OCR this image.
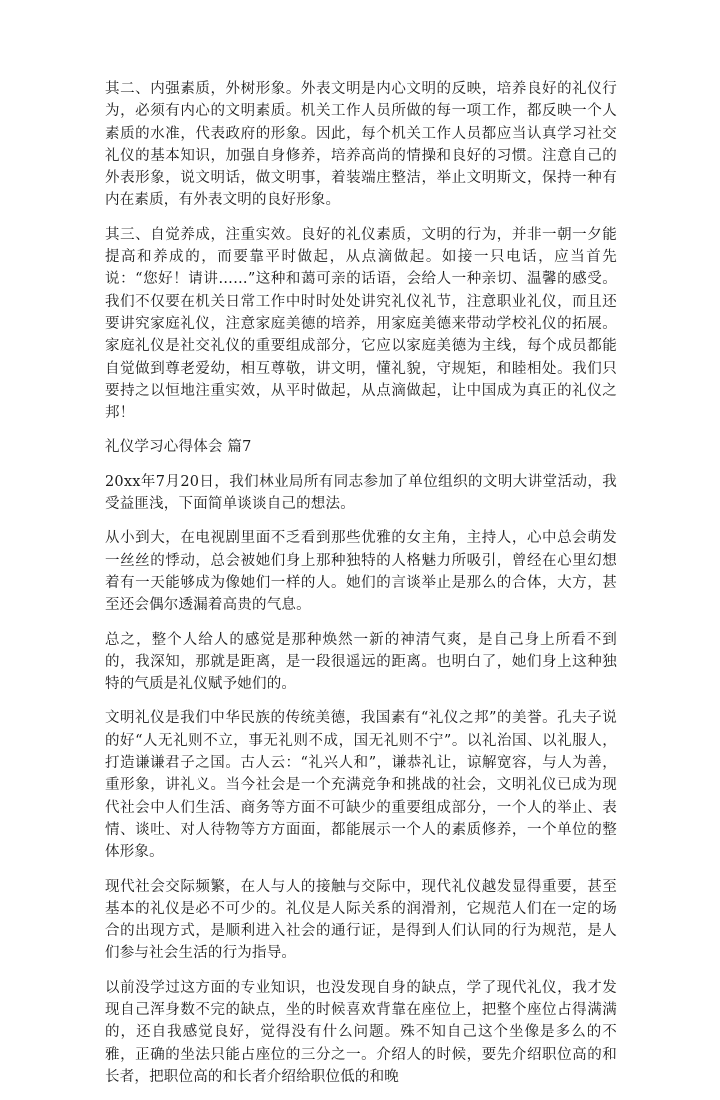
其二、内强素质，外树形象。外表文明是内心文明的反映，培养良好的礼仪行为，必须有内心的文明素质。机关工作人员所做的每一项工作，都反映一个人素质的水准，代表政府的形象。因此，每个机关工作人员都应当认真学习社交礼仪的基本知识，加强自身修养，培养高尚的情操和良好的习惯。注意自己的外表形象，说文明话，做文明事，着装端庄整洁，举止文明斯文，保持一种有内在素质，有外表文明的良好形象。

其三、自觉养成，注重实效。良好的礼仪素质，文明的行为，并非一朝一夕能提高和养成的，而要靠平时做起，从点滴做起。如接一只电话，应当首先说：“您好！请讲……”这种和蔼可亲的话语，会给人一种亲切、温馨的感受。我们不仅要在机关日常工作中时时处处讲究礼仪礼节，注意职业礼仪，而且还要讲究家庭礼仪，注意家庭美德的培养，用家庭美德来带动学校礼仪的拓展。家庭礼仪是社交礼仪的重要组成部分，它应以家庭美德为主线，每个成员都能自觉做到尊老爱幼，相互尊敬，讲文明，懂礼貌，守规矩，和睦相处。我们只要持之以恒地注重实效，从平时做起，从点滴做起，让中国成为真正的礼仪之邦！

礼仪学习心得体会 篇7

20xx年7月20日，我们林业局所有同志参加了单位组织的文明大讲堂活动，我受益匪浅，下面简单谈谈自己的想法。

从小到大，在电视剧里面不乏看到那些优雅的女主角，主持人，心中总会萌发一丝丝的悸动，总会被她们身上那种独特的人格魅力所吸引，曾经在心里幻想着有一天能够成为像她们一样的人。她们的言谈举止是那么的合体，大方，甚至还会偶尔透漏着高贵的气息。

总之，整个人给人的感觉是那种焕然一新的神清气爽，是自己身上所看不到的，我深知，那就是距离，是一段很遥远的距离。也明白了，她们身上这种独特的气质是礼仪赋予她们的。

文明礼仪是我们中华民族的传统美德，我国素有“礼仪之邦”的美誉。孔夫子说的好“人无礼则不立，事无礼则不成，国无礼则不宁”。以礼治国、以礼服人，打造谦谦君子之国。古人云：“礼兴人和”，谦恭礼让，谅解宽容，与人为善，重形象，讲礼义。当今社会是一个充满竞争和挑战的社会，文明礼仪已成为现代社会中人们生活、商务等方面不可缺少的重要组成部分，一个人的举止、表情、谈吐、对人待物等方方面面，都能展示一个人的素质修养，一个单位的整体形象。

现代社会交际频繁，在人与人的接触与交际中，现代礼仪越发显得重要，甚至基本的礼仪是必不可少的。礼仪是人际关系的润滑剂，它规范人们在一定的场合的出现方式，是顺利进入社会的通行证，是得到人们认同的行为规范，是人们参与社会生活的行为指导。

以前没学过这方面的专业知识，也没发现自身的缺点，学了现代礼仪，我才发现自己浑身数不完的缺点，坐的时候喜欢背靠在座位上，把整个座位占得满满的，还自我感觉良好，觉得没有什么问题。殊不知自己这个坐像是多么的不雅，正确的坐法只能占座位的三分之一。介绍人的时候，要先介绍职位高的和长者，把职位高的和长者介绍给职位低的和晚
